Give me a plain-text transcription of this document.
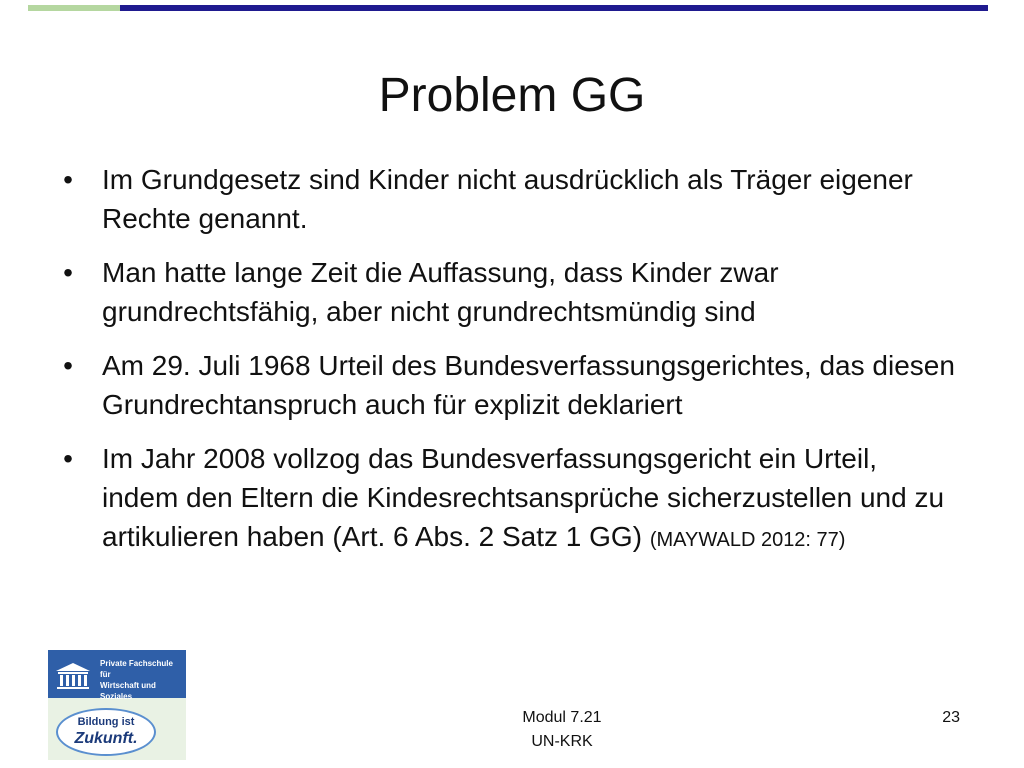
Problem GG
• Im Grundgesetz sind Kinder nicht ausdrücklich als Träger eigener Rechte genannt.
• Man hatte lange Zeit die Auffassung, dass Kinder zwar grundrechtsfähig, aber nicht grundrechtsmündig sind
• Am 29. Juli 1968 Urteil des Bundesverfassungsgerichtes, das diesen Grundrechtanspruch auch für explizit deklariert
• Im Jahr 2008 vollzog das Bundesverfassungsgericht ein Urteil, indem den Eltern die Kindesrechtsansprüche sicherzustellen und zu artikulieren haben (Art. 6 Abs. 2 Satz 1 GG) (MAYWALD 2012: 77)
Private Fachschule für
Wirtschaft und Soziales
Bildung ist
Zukunft.
Modul 7.21
UN-KRK
23
